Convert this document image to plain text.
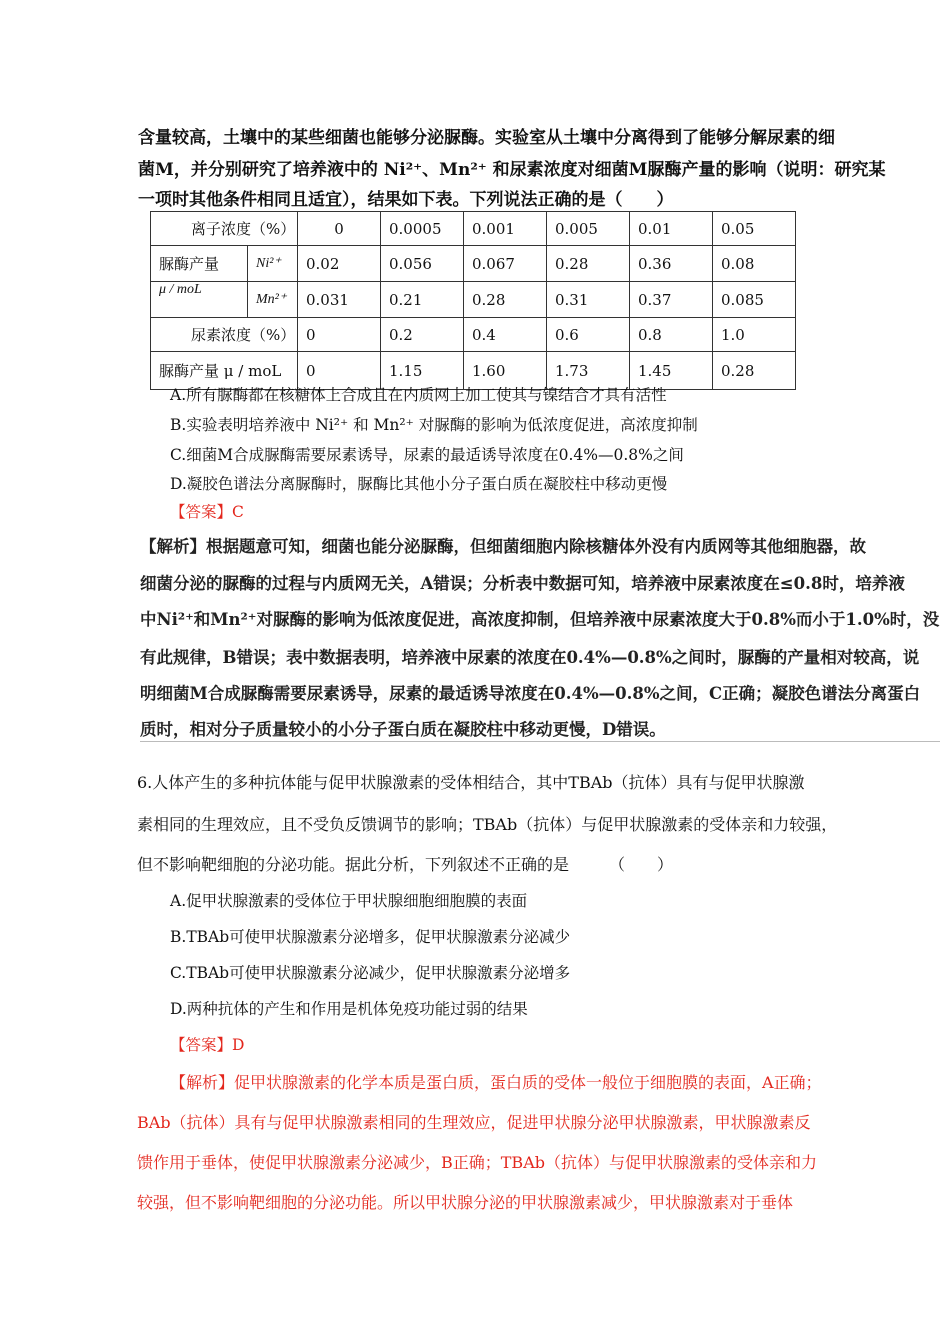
含量较高，土壤中的某些细菌也能够分泌脲酶。实验室从土壤中分离得到了能够分解尿素的细
菌M，并分别研究了培养液中的 Ni²⁺、Mn²⁺ 和尿素浓度对细菌M脲酶产量的影响（说明：研究某
一项时其他条件相同且适宜），结果如下表。下列说法正确的是（　　）
离子浓度（%）	0	0.0005	0.001	0.005	0.01	0.05

脲酶产量 Ni²⁺	0.02	0.056	0.067	0.28	0.36	0.08

μ / moL
Mn²⁺	0.031	0.21	0.28	0.31	0.37	0.085
尿素浓度（%）	0	0.2	0.4	0.6	0.8	1.0
脲酶产量 μ / moL	0	1.15	1.60	1.73	1.45	0.28
A.所有脲酶都在核糖体上合成且在内质网上加工使其与镍结合才具有活性
B.实验表明培养液中 Ni²⁺ 和 Mn²⁺ 对脲酶的影响为低浓度促进，高浓度抑制
C.细菌M合成脲酶需要尿素诱导，尿素的最适诱导浓度在0.4%—0.8%之间
D.凝胶色谱法分离脲酶时，脲酶比其他小分子蛋白质在凝胶柱中移动更慢
【答案】C
【解析】根据题意可知，细菌也能分泌脲酶，但细菌细胞内除核糖体外没有内质网等其他细胞器，故
细菌分泌的脲酶的过程与内质网无关，A错误；分析表中数据可知，培养液中尿素浓度在≤0.8时，培养液
中Ni²⁺和Mn²⁺对脲酶的影响为低浓度促进，高浓度抑制，但培养液中尿素浓度大于0.8%而小于1.0%时，没
有此规律，B错误；表中数据表明，培养液中尿素的浓度在0.4%—0.8%之间时，脲酶的产量相对较高，说
明细菌M合成脲酶需要尿素诱导，尿素的最适诱导浓度在0.4%—0.8%之间，C正确；凝胶色谱法分离蛋白
质时，相对分子质量较小的小分子蛋白质在凝胶柱中移动更慢，D错误。
6.人体产生的多种抗体能与促甲状腺激素的受体相结合，其中TBAb（抗体）具有与促甲状腺激
素相同的生理效应，且不受负反馈调节的影响；TBAb（抗体）与促甲状腺激素的受体亲和力较强，
但不影响靶细胞的分泌功能。据此分析，下列叙述不正确的是　　　（　　）
A.促甲状腺激素的受体位于甲状腺细胞细胞膜的表面
B.TBAb可使甲状腺激素分泌增多，促甲状腺激素分泌减少
C.TBAb可使甲状腺激素分泌减少，促甲状腺激素分泌增多
D.两种抗体的产生和作用是机体免疫功能过弱的结果
【答案】D
【解析】促甲状腺激素的化学本质是蛋白质，蛋白质的受体一般位于细胞膜的表面，A正确；
BAb（抗体）具有与促甲状腺激素相同的生理效应，促进甲状腺分泌甲状腺激素，甲状腺激素反
馈作用于垂体，使促甲状腺激素分泌减少，B正确；TBAb（抗体）与促甲状腺激素的受体亲和力
较强，但不影响靶细胞的分泌功能。所以甲状腺分泌的甲状腺激素减少，甲状腺激素对于垂体
